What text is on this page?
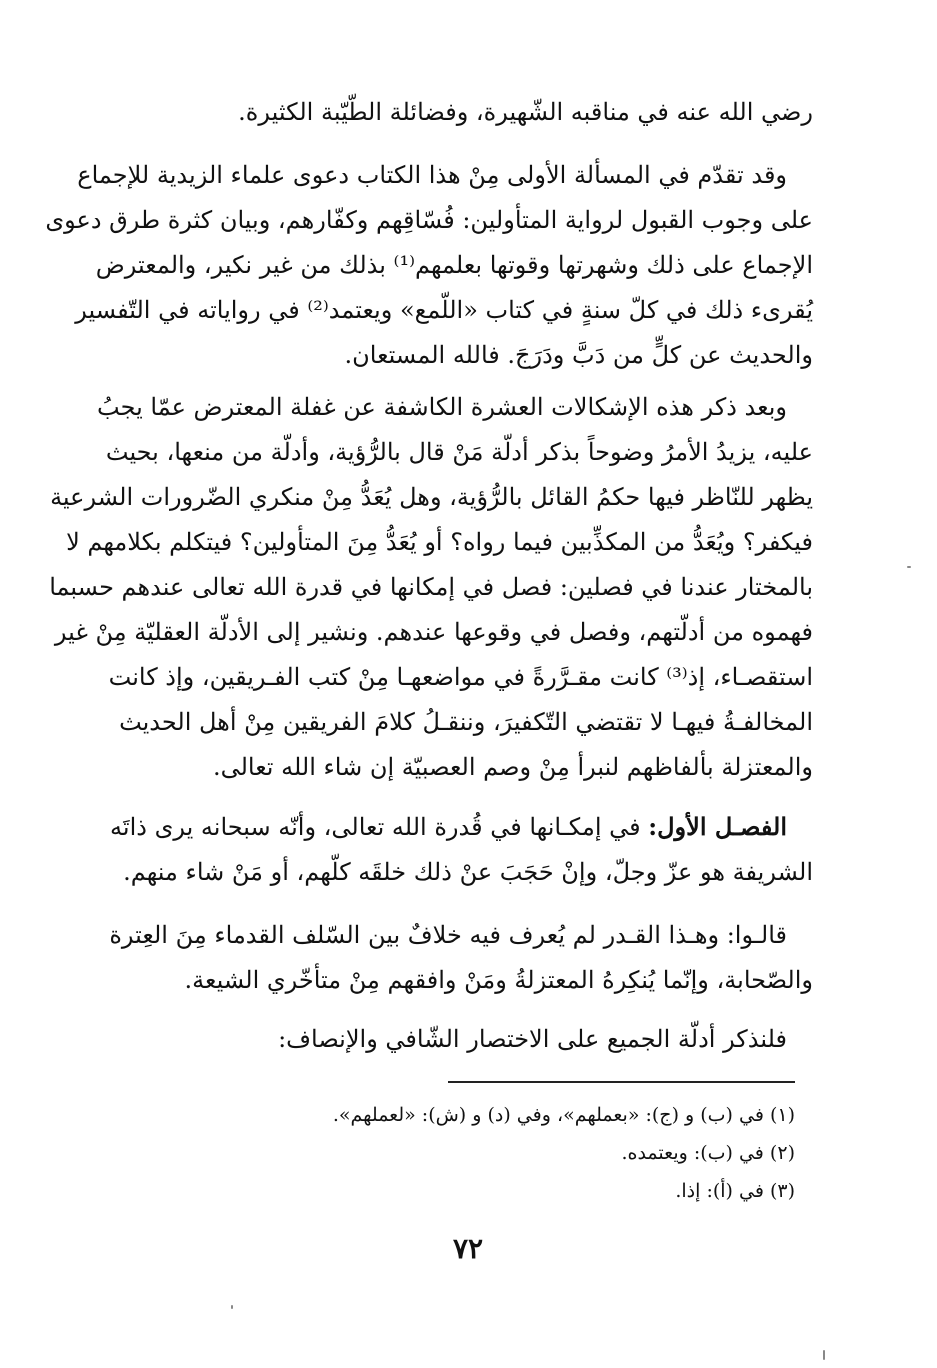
رضي الله عنه في مناقبه الشّهيرة، وفضائلة الطّيّبة الكثيرة.
وقد تقدّم في المسألة الأولى مِنْ هذا الكتاب دعوى علماء الزيدية للإجماع
على وجوب القبول لرواية المتأولين: فُسّاقِهم وكفّارهم، وبيان كثرة طرق دعوى
الإجماع على ذلك وشهرتها وقوتها بعلمهم⁽¹⁾ بذلك من غير نكير، والمعترض
يُقرىء ذلك في كلّ سنةٍ في كتاب «اللّمع» ويعتمد⁽²⁾ في رواياته في التّفسير
والحديث عن كلٍّ من دَبَّ ودَرَجَ. فالله المستعان.
وبعد ذكر هذه الإشكالات العشرة الكاشفة عن غفلة المعترض عمّا يجبُ
عليه، يزيدُ الأمرُ وضوحاً بذكر أدلّة مَنْ قال بالرُّؤية، وأدلّة من منعها، بحيث
يظهر للنّاظر فيها حكمُ القائل بالرُّؤية، وهل يُعَدُّ مِنْ منكري الضّرورات الشرعية
فيكفر؟ ويُعَدُّ من المكذِّبين فيما رواه؟ أو يُعَدُّ مِنَ المتأولين؟ فيتكلم بكلامهم لا
بالمختار عندنا في فصلين: فصل في إمكانها في قدرة الله تعالى عندهم حسبما
فهموه من أدلّتهم، وفصل في وقوعها عندهم. ونشير إلى الأدلّة العقليّة مِنْ غير
استقصـاء، إذ⁽³⁾ كانت مقـرَّرةً في مواضعهـا مِنْ كتب الفـريقين، وإذ كانت
المخالفـةُ فيهـا لا تقتضي التّكفيرَ، وننقـلُ كلامَ الفريقين مِنْ أهل الحديث
والمعتزلة بألفاظهم لنبرأ مِنْ وصم العصبيّة إن شاء الله تعالى.
الفصـل الأول: في إمكـانها في قُدرة الله تعالى، وأنّه سبحانه يرى ذاتَه
الشريفة هو عزّ وجلّ، وإنْ حَجَبَ عنْ ذلك خلقَه كلّهم، أو مَنْ شاء منهم.
قالـوا: وهـذا القـدر لم يُعرف فيه خلافٌ بين السّلف القدماء مِنَ العِترة
والصّحابة، وإنّما يُنكِرهُ المعتزلةُ ومَنْ وافقهم مِنْ متأخّري الشيعة.
فلنذكر أدلّة الجميع على الاختصار الشّافي والإنصاف:
(١) في (ب) و (ج): «بعملهم»، وفي (د) و (ش): «لعملهم».
(٢) في (ب): ويعتمده.
(٣) في (أ): إذا.
٧٢
